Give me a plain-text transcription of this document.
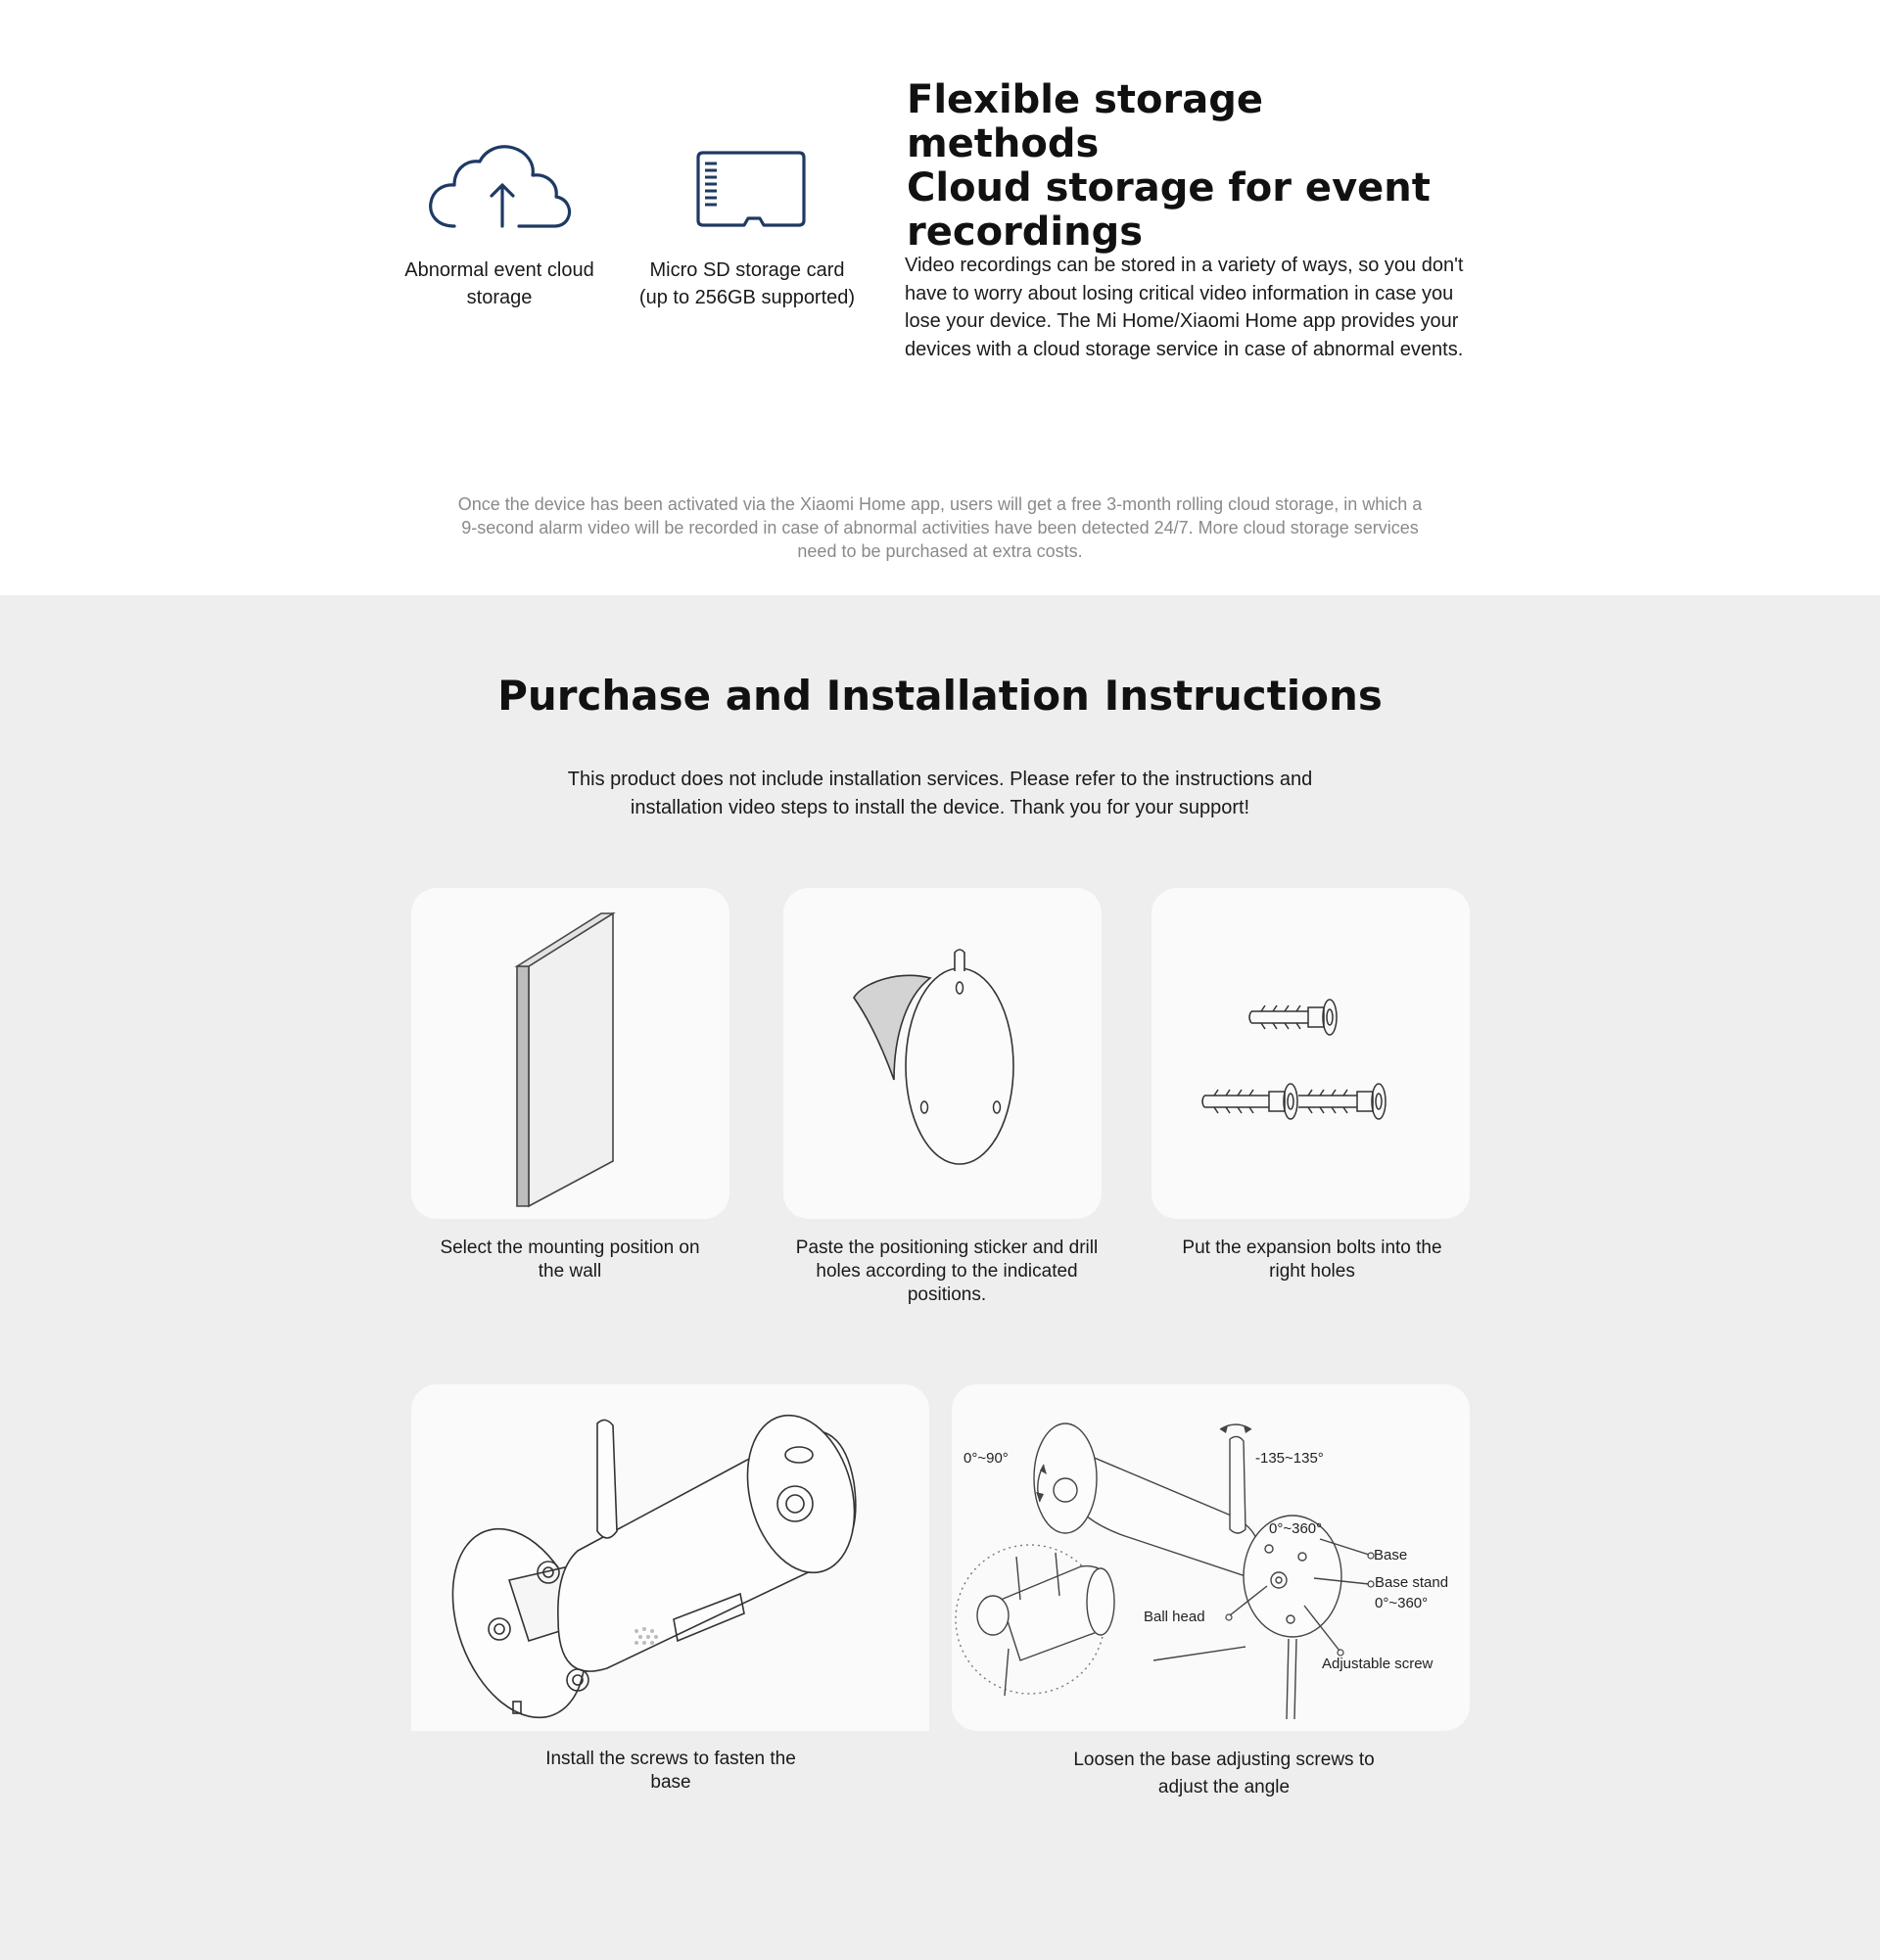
Abnormal event cloud storage
Micro SD storage card (up to 256GB supported)
Flexible storage methods
Cloud storage for event recordings

Video recordings can be stored in a variety of ways, so you don't have to worry about losing critical video information in case you lose your device. The Mi Home/Xiaomi Home app provides your devices with a cloud storage service in case of abnormal events.

Once the device has been activated via the Xiaomi Home app, users will get a free 3-month rolling cloud storage, in which a 9-second alarm video will be recorded in case of abnormal activities have been detected 24/7. More cloud storage services need to be purchased at extra costs.

Purchase and Installation Instructions

This product does not include installation services. Please refer to the instructions and installation video steps to install the device. Thank you for your support!

Select the mounting position on the wall
Paste the positioning sticker and drill holes according to the indicated positions.
Put the expansion bolts into the right holes
Install the screws to fasten the base
0°~90°	-135~135°
0°~360°
Base
Base stand
0°~360°
Ball head
Adjustable screw
Loosen the base adjusting screws to adjust the angle
